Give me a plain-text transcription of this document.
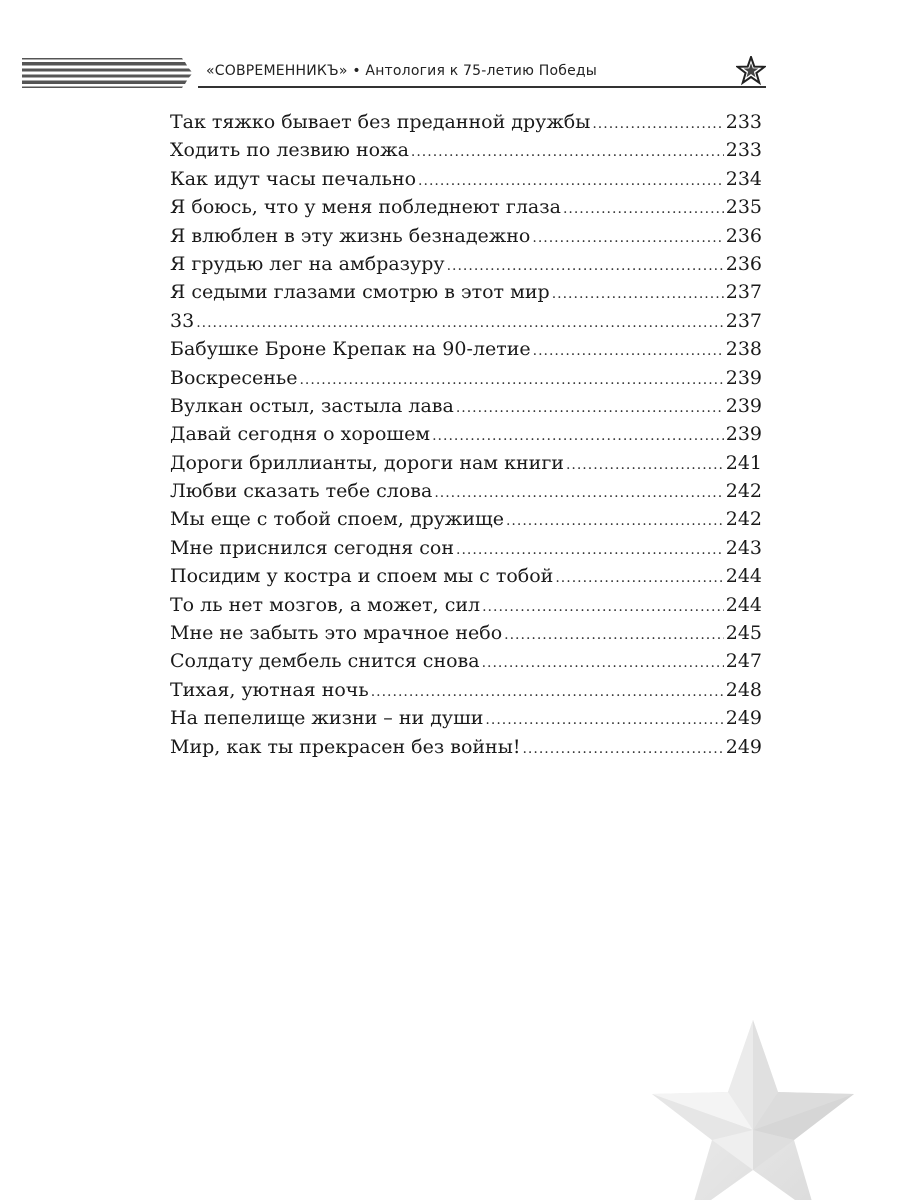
«СОВРЕМЕННИКЪ» • Антология к 75-летию Победы
Так тяжко бывает без преданной дружбы .....	233
Ходить по лезвию ножа .....	233
Как идут часы печально .....	234
Я боюсь, что у меня побледнеют глаза .....	235
Я влюблен в эту жизнь безнадежно .....	236
Я грудью лег на амбразуру .....	236
Я седыми глазами смотрю в этот мир .....	237
33 .....	237
Бабушке Броне Крепак на 90-летие .....	238
Воскресенье .....	239
Вулкан остыл, застыла лава .....	239
Давай сегодня о хорошем .....	239
Дороги бриллианты, дороги нам книги .....	241
Любви сказать тебе слова .....	242
Мы еще с тобой споем, дружище .....	242
Мне приснился сегодня сон .....	243
Посидим у костра и споем мы с тобой .....	244
То ль нет мозгов, а может, сил .....	244
Мне не забыть это мрачное небо .....	245
Солдату дембель снится снова .....	247
Тихая, уютная ночь .....	248
На пепелище жизни – ни души .....	249
Мир, как ты прекрасен без войны! .....	249
